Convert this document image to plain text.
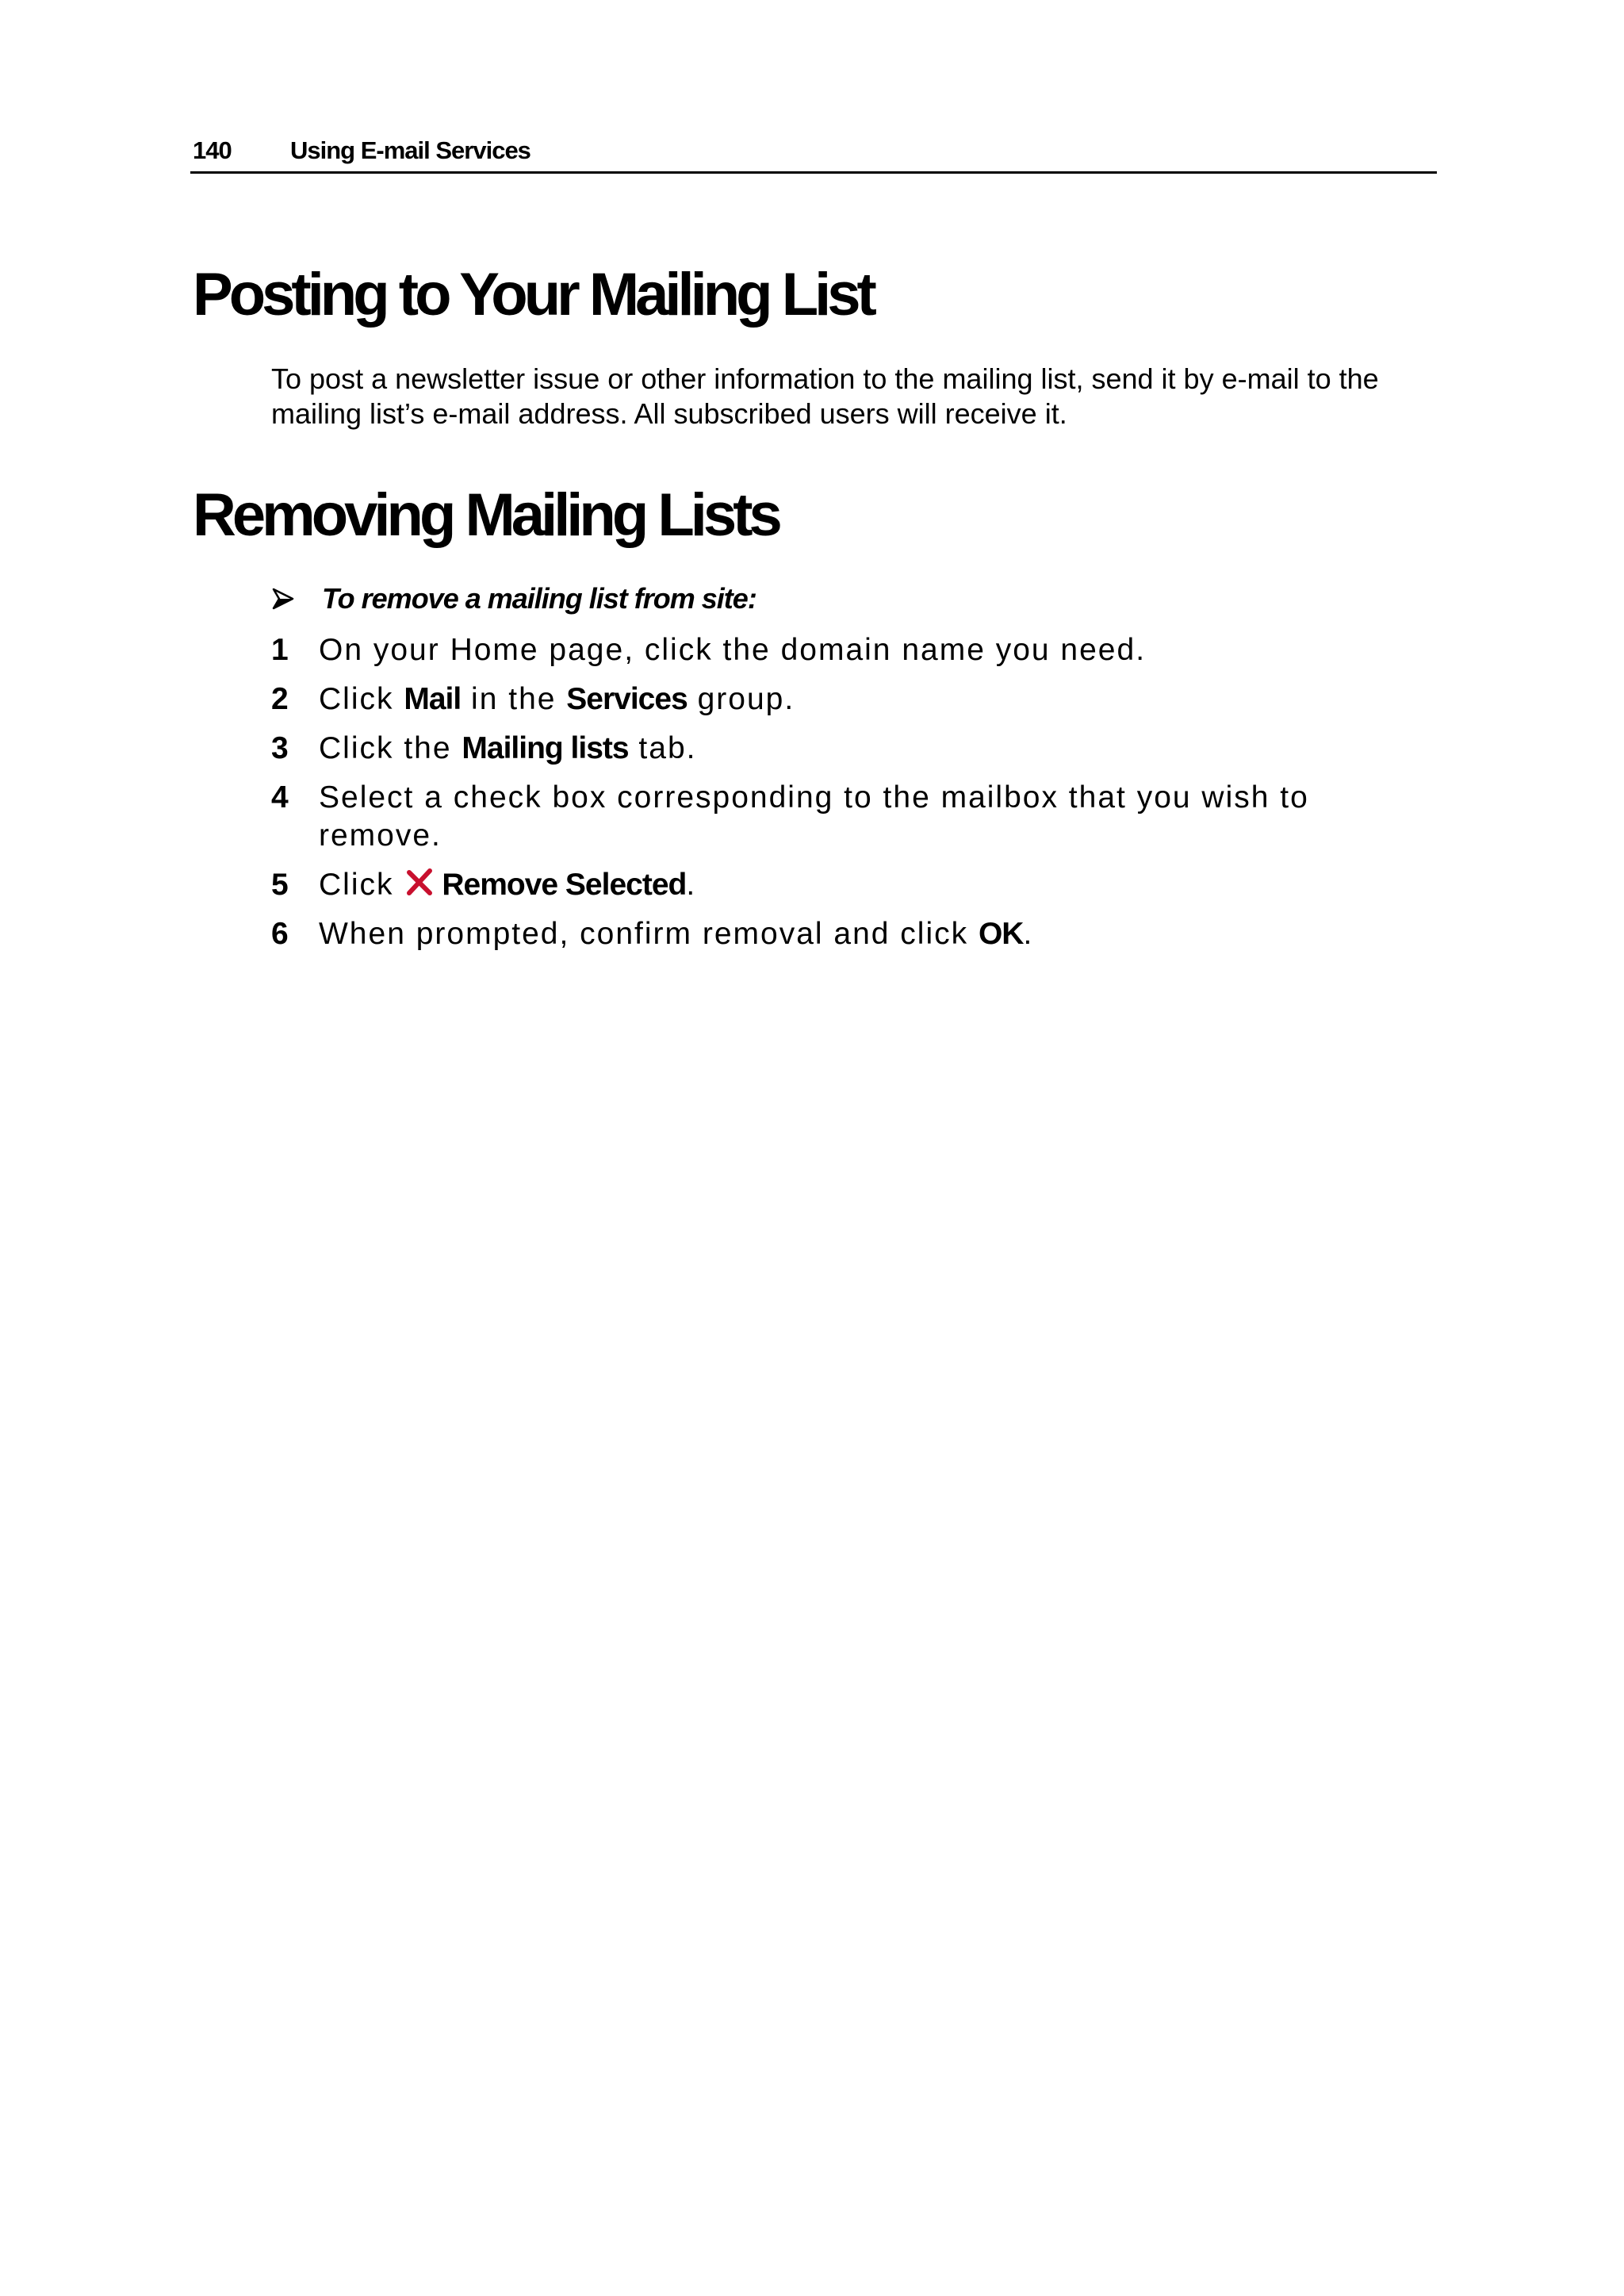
140 Using E-mail Services
Posting to Your Mailing List

To post a newsletter issue or other information to the mailing list, send it by e-mail to the mailing list’s e-mail address. All subscribed users will receive it.

Removing Mailing Lists
To remove a mailing list from site:
1 On your Home page, click the domain name you need.
2 Click Mail in the Services group.
3 Click the Mailing lists tab.
4 Select a check box corresponding to the mailbox that you wish to remove.
5 Click Remove Selected.
6 When prompted, confirm removal and click OK.
